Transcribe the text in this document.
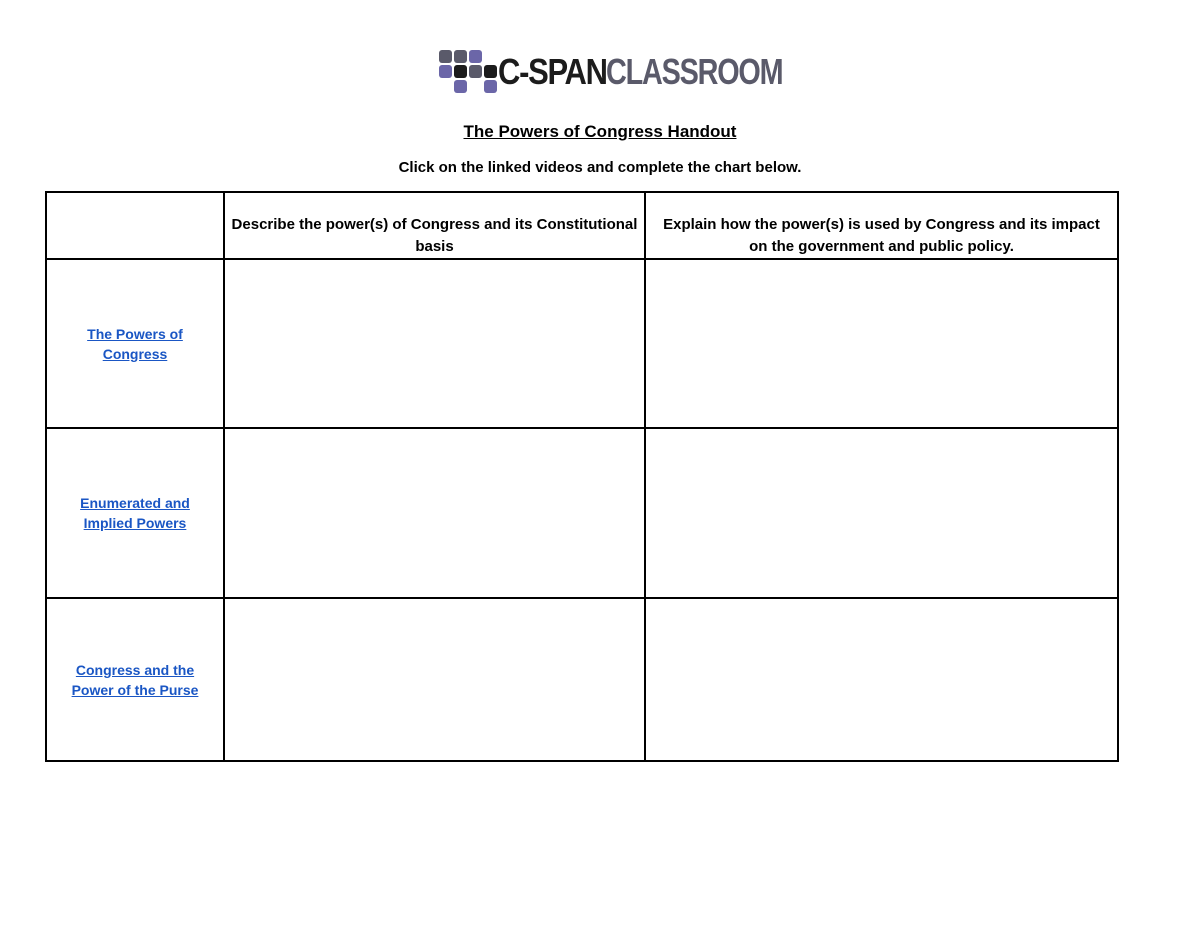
C-SPAN CLASSROOM
The Powers of Congress Handout
Click on the linked videos and complete the chart below.
	Describe the power(s) of Congress and its Constitutional basis	Explain how the power(s) is used by Congress and its impact on the government and public policy.
The Powers of Congress		
Enumerated and Implied Powers		
Congress and the Power of the Purse		
